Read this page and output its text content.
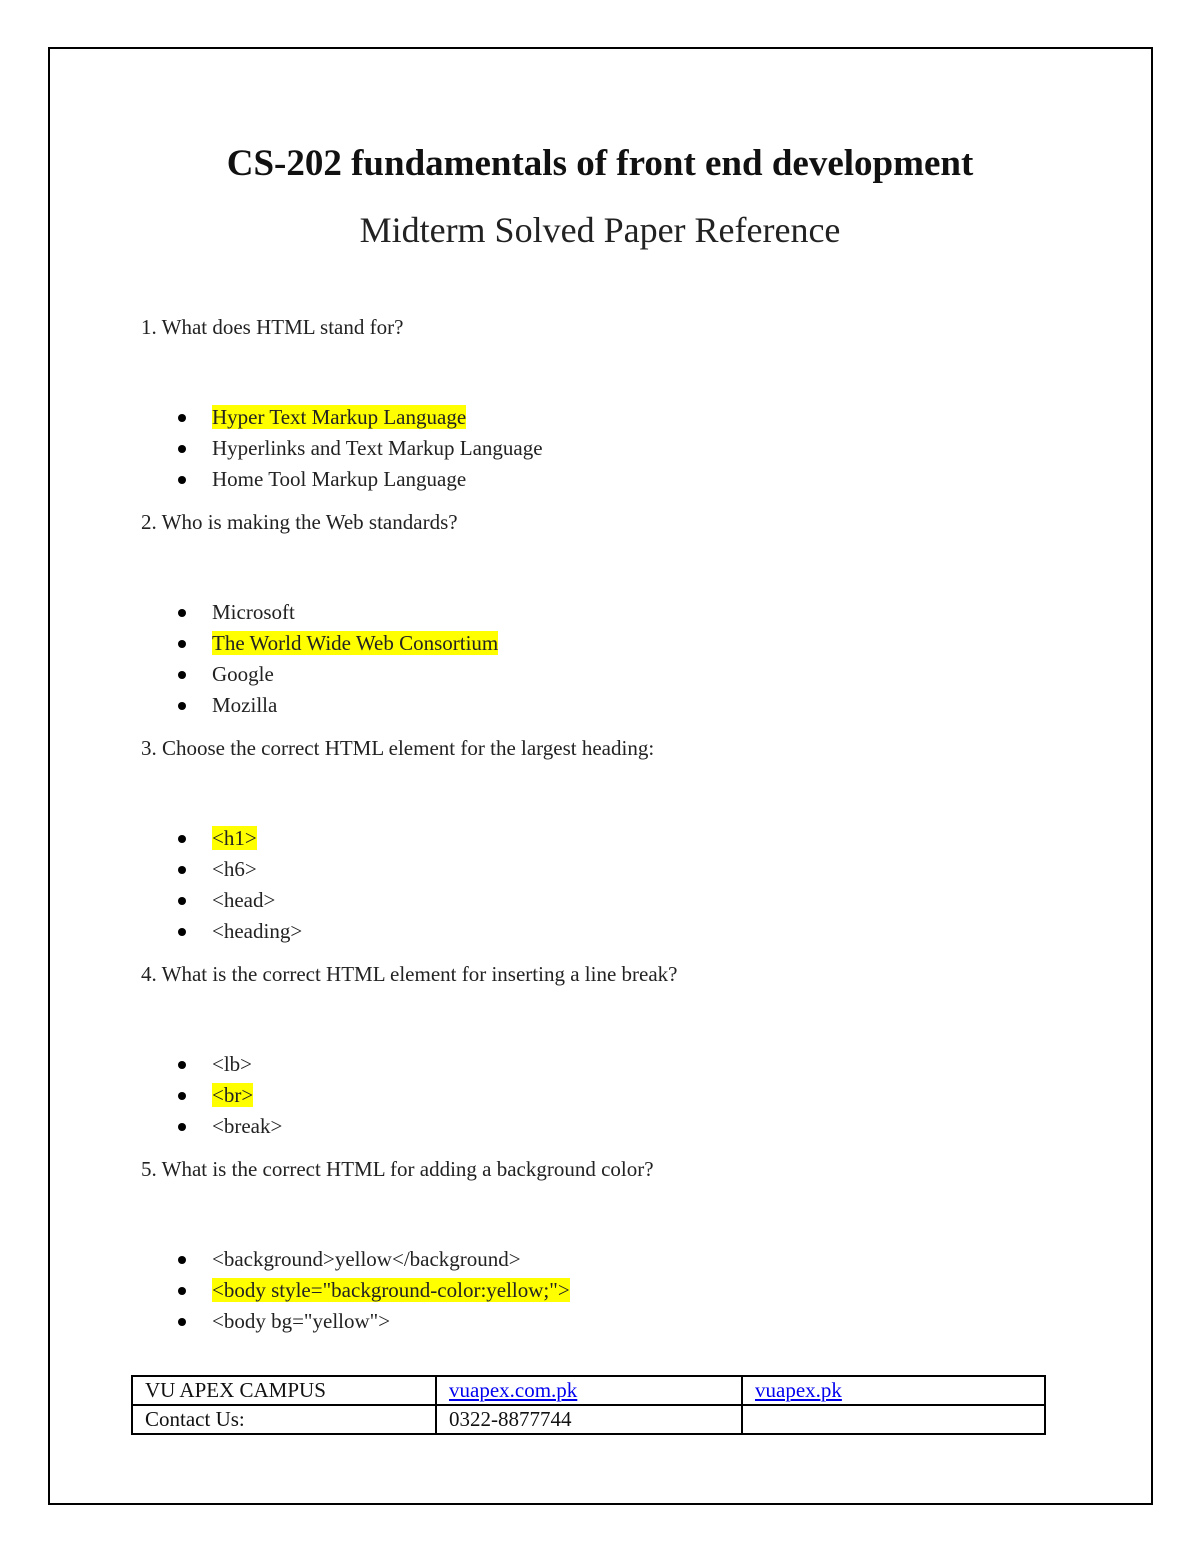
CS-202 fundamentals of front end development
Midterm Solved Paper Reference

1. What does HTML stand for?

Hyper Text Markup Language
Hyperlinks and Text Markup Language
Home Tool Markup Language

2. Who is making the Web standards?

Microsoft
The World Wide Web Consortium
Google
Mozilla

3. Choose the correct HTML element for the largest heading:

<h1>
<h6>
<head>
<heading>

4. What is the correct HTML element for inserting a line break?

<lb>
<br>
<break>

5. What is the correct HTML for adding a background color?

<background>yellow</background>
<body style="background-color:yellow;">
<body bg="yellow">
VU APEX CAMPUS	vuapex.com.pk	vuapex.pk
Contact Us:	0322-8877744	
